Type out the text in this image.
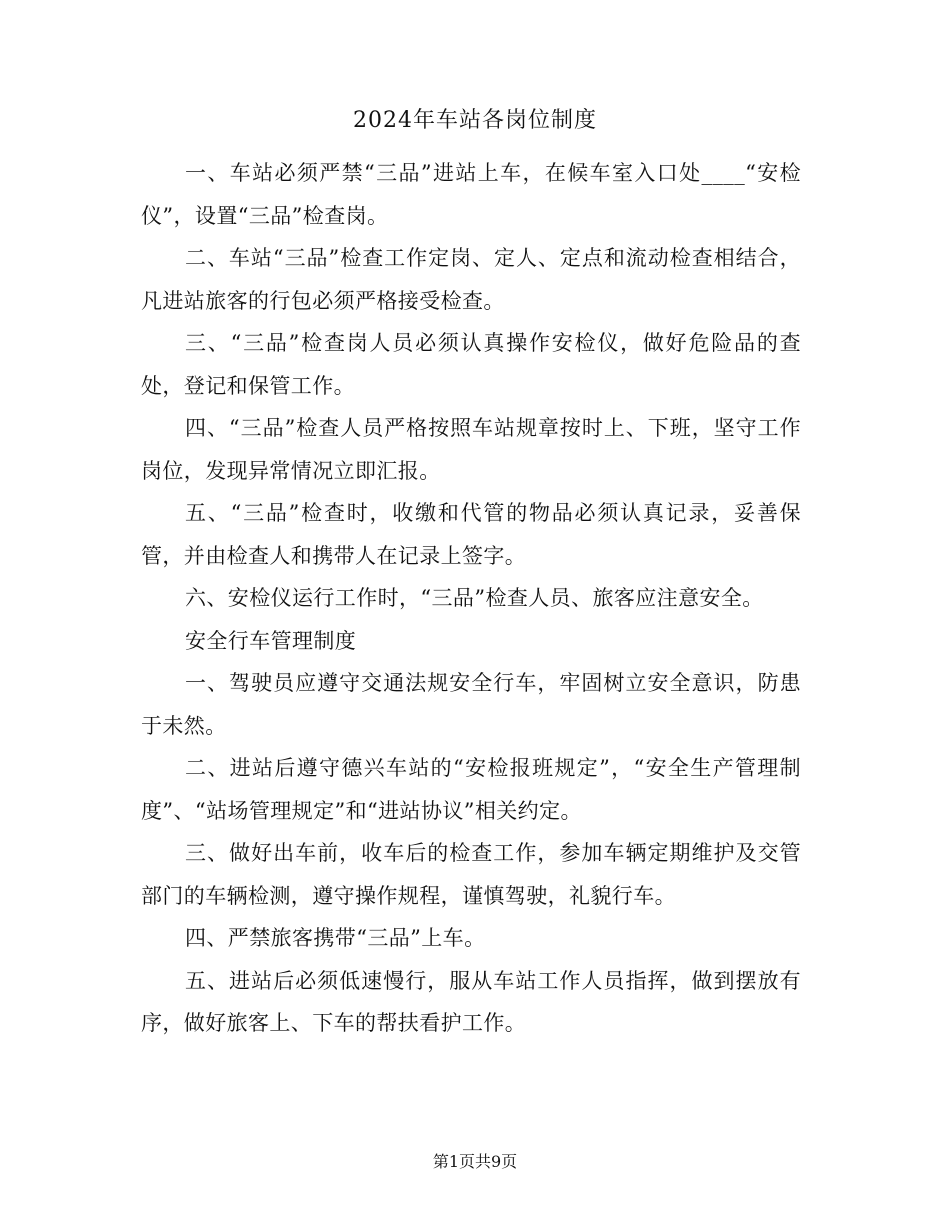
2024年车站各岗位制度

一、车站必须严禁“三品”进站上车，在候车室入口处____“安检仪”，设置“三品”检查岗。

二、车站“三品”检查工作定岗、定人、定点和流动检查相结合，凡进站旅客的行包必须严格接受检查。

三、“三品”检查岗人员必须认真操作安检仪，做好危险品的查处，登记和保管工作。

四、“三品”检查人员严格按照车站规章按时上、下班，坚守工作岗位，发现异常情况立即汇报。

五、“三品”检查时，收缴和代管的物品必须认真记录，妥善保管，并由检查人和携带人在记录上签字。

六、安检仪运行工作时，“三品”检查人员、旅客应注意安全。

安全行车管理制度

一、驾驶员应遵守交通法规安全行车，牢固树立安全意识，防患于未然。

二、进站后遵守德兴车站的“安检报班规定”，“安全生产管理制度”、“站场管理规定”和“进站协议”相关约定。

三、做好出车前，收车后的检查工作，参加车辆定期维护及交管部门的车辆检测，遵守操作规程，谨慎驾驶，礼貌行车。

四、严禁旅客携带“三品”上车。

五、进站后必须低速慢行，服从车站工作人员指挥，做到摆放有序，做好旅客上、下车的帮扶看护工作。

第1页共9页
